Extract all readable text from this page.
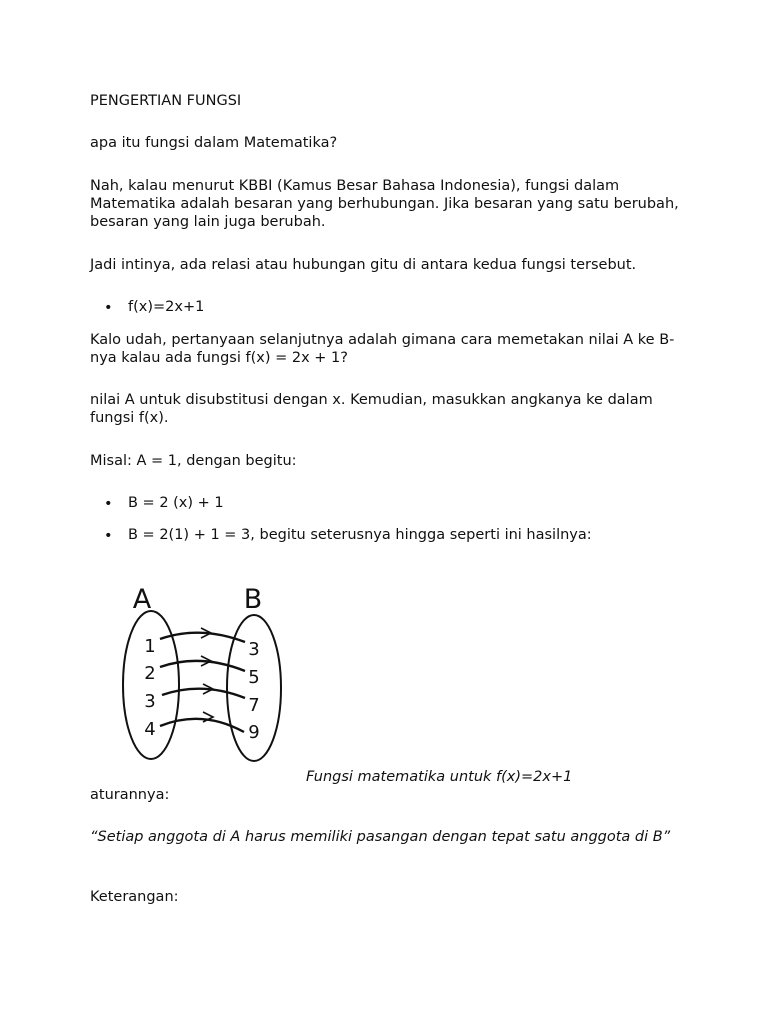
PENGERTIAN FUNGSI

apa itu fungsi dalam Matematika?

Nah, kalau menurut KBBI (Kamus Besar Bahasa Indonesia), fungsi dalam Matematika adalah besaran yang berhubungan. Jika besaran yang satu berubah, besaran yang lain juga berubah.

Jadi intinya, ada relasi atau hubungan gitu di antara kedua fungsi tersebut.

• f(x)=2x+1

Kalo udah, pertanyaan selanjutnya adalah gimana cara memetakan nilai A ke B-nya kalau ada fungsi f(x) = 2x + 1?

nilai A untuk disubstitusi dengan x. Kemudian, masukkan angkanya ke dalam fungsi f(x).

Misal: A = 1, dengan begitu:

• B = 2 (x) + 1
• B = 2(1) + 1 = 3, begitu seterusnya hingga seperti ini hasilnya:
A	B
1
2
3
4
3
5
7
9

Fungsi matematika untuk f(x)=2x+1

aturannya:

“Setiap anggota di A harus memiliki pasangan dengan tepat satu anggota di B”

Keterangan:
